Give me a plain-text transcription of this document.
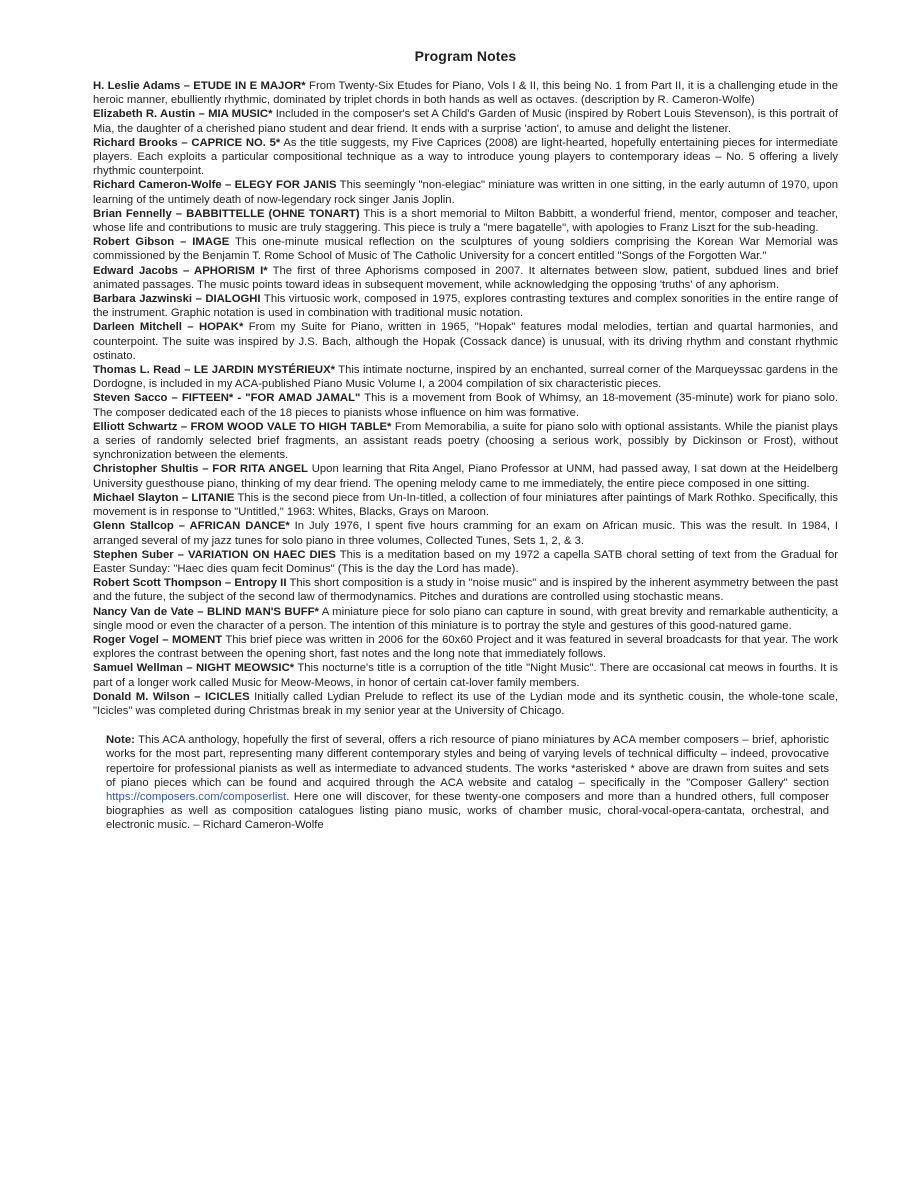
Program Notes

H. Leslie Adams – ETUDE IN E MAJOR* From Twenty-Six Etudes for Piano, Vols I & II, this being No. 1 from Part II, it is a challenging etude in the heroic manner, ebulliently rhythmic, dominated by triplet chords in both hands as well as octaves. (description by R. Cameron-Wolfe)

Elizabeth R. Austin – MIA MUSIC* Included in the composer's set A Child's Garden of Music (inspired by Robert Louis Stevenson), is this portrait of Mia, the daughter of a cherished piano student and dear friend. It ends with a surprise 'action', to amuse and delight the listener.

Richard Brooks – CAPRICE NO. 5* As the title suggests, my Five Caprices (2008) are light-hearted, hopefully entertaining pieces for intermediate players. Each exploits a particular compositional technique as a way to introduce young players to contemporary ideas – No. 5 offering a lively rhythmic counterpoint.

Richard Cameron-Wolfe – ELEGY FOR JANIS This seemingly "non-elegiac" miniature was written in one sitting, in the early autumn of 1970, upon learning of the untimely death of now-legendary rock singer Janis Joplin.

Brian Fennelly – BABBITTELLE (OHNE TONART) This is a short memorial to Milton Babbitt, a wonderful friend, mentor, composer and teacher, whose life and contributions to music are truly staggering. This piece is truly a "mere bagatelle", with apologies to Franz Liszt for the sub-heading.

Robert Gibson – IMAGE This one-minute musical reflection on the sculptures of young soldiers comprising the Korean War Memorial was commissioned by the Benjamin T. Rome School of Music of The Catholic University for a concert entitled "Songs of the Forgotten War."

Edward Jacobs – APHORISM I* The first of three Aphorisms composed in 2007. It alternates between slow, patient, subdued lines and brief animated passages. The music points toward ideas in subsequent movement, while acknowledging the opposing 'truths' of any aphorism.

Barbara Jazwinski – DIALOGHI This virtuosic work, composed in 1975, explores contrasting textures and complex sonorities in the entire range of the instrument. Graphic notation is used in combination with traditional music notation.

Darleen Mitchell – HOPAK* From my Suite for Piano, written in 1965, "Hopak" features modal melodies, tertian and quartal harmonies, and counterpoint. The suite was inspired by J.S. Bach, although the Hopak (Cossack dance) is unusual, with its driving rhythm and constant rhythmic ostinato.

Thomas L. Read – LE JARDIN MYSTÉRIEUX* This intimate nocturne, inspired by an enchanted, surreal corner of the Marqueyssac gardens in the Dordogne, is included in my ACA-published Piano Music Volume I, a 2004 compilation of six characteristic pieces.

Steven Sacco – FIFTEEN* - "FOR AMAD JAMAL" This is a movement from Book of Whimsy, an 18-movement (35-minute) work for piano solo. The composer dedicated each of the 18 pieces to pianists whose influence on him was formative.

Elliott Schwartz – FROM WOOD VALE TO HIGH TABLE* From Memorabilia, a suite for piano solo with optional assistants. While the pianist plays a series of randomly selected brief fragments, an assistant reads poetry (choosing a serious work, possibly by Dickinson or Frost), without synchronization between the elements.

Christopher Shultis – FOR RITA ANGEL Upon learning that Rita Angel, Piano Professor at UNM, had passed away, I sat down at the Heidelberg University guesthouse piano, thinking of my dear friend. The opening melody came to me immediately, the entire piece composed in one sitting.

Michael Slayton – LITANIE This is the second piece from Un-In-titled, a collection of four miniatures after paintings of Mark Rothko. Specifically, this movement is in response to "Untitled," 1963: Whites, Blacks, Grays on Maroon.

Glenn Stallcop – AFRICAN DANCE* In July 1976, I spent five hours cramming for an exam on African music. This was the result. In 1984, I arranged several of my jazz tunes for solo piano in three volumes, Collected Tunes, Sets 1, 2, & 3.

Stephen Suber – VARIATION ON HAEC DIES This is a meditation based on my 1972 a capella SATB choral setting of text from the Gradual for Easter Sunday: "Haec dies quam fecit Dominus" (This is the day the Lord has made).

Robert Scott Thompson – Entropy II This short composition is a study in "noise music" and is inspired by the inherent asymmetry between the past and the future, the subject of the second law of thermodynamics. Pitches and durations are controlled using stochastic means.

Nancy Van de Vate – BLIND MAN'S BUFF* A miniature piece for solo piano can capture in sound, with great brevity and remarkable authenticity, a single mood or even the character of a person. The intention of this miniature is to portray the style and gestures of this good-natured game.

Roger Vogel – MOMENT This brief piece was written in 2006 for the 60x60 Project and it was featured in several broadcasts for that year. The work explores the contrast between the opening short, fast notes and the long note that immediately follows.

Samuel Wellman – NIGHT MEOWSIC* This nocturne's title is a corruption of the title "Night Music". There are occasional cat meows in fourths. It is part of a longer work called Music for Meow-Meows, in honor of certain cat-lover family members.

Donald M. Wilson – ICICLES Initially called Lydian Prelude to reflect its use of the Lydian mode and its synthetic cousin, the whole-tone scale, "Icicles" was completed during Christmas break in my senior year at the University of Chicago.

Note: This ACA anthology, hopefully the first of several, offers a rich resource of piano miniatures by ACA member composers – brief, aphoristic works for the most part, representing many different contemporary styles and being of varying levels of technical difficulty – indeed, provocative repertoire for professional pianists as well as intermediate to advanced students. The works *asterisked * above are drawn from suites and sets of piano pieces which can be found and acquired through the ACA website and catalog – specifically in the "Composer Gallery" section https://composers.com/composerlist. Here one will discover, for these twenty-one composers and more than a hundred others, full composer biographies as well as composition catalogues listing piano music, works of chamber music, choral-vocal-opera-cantata, orchestral, and electronic music. – Richard Cameron-Wolfe
